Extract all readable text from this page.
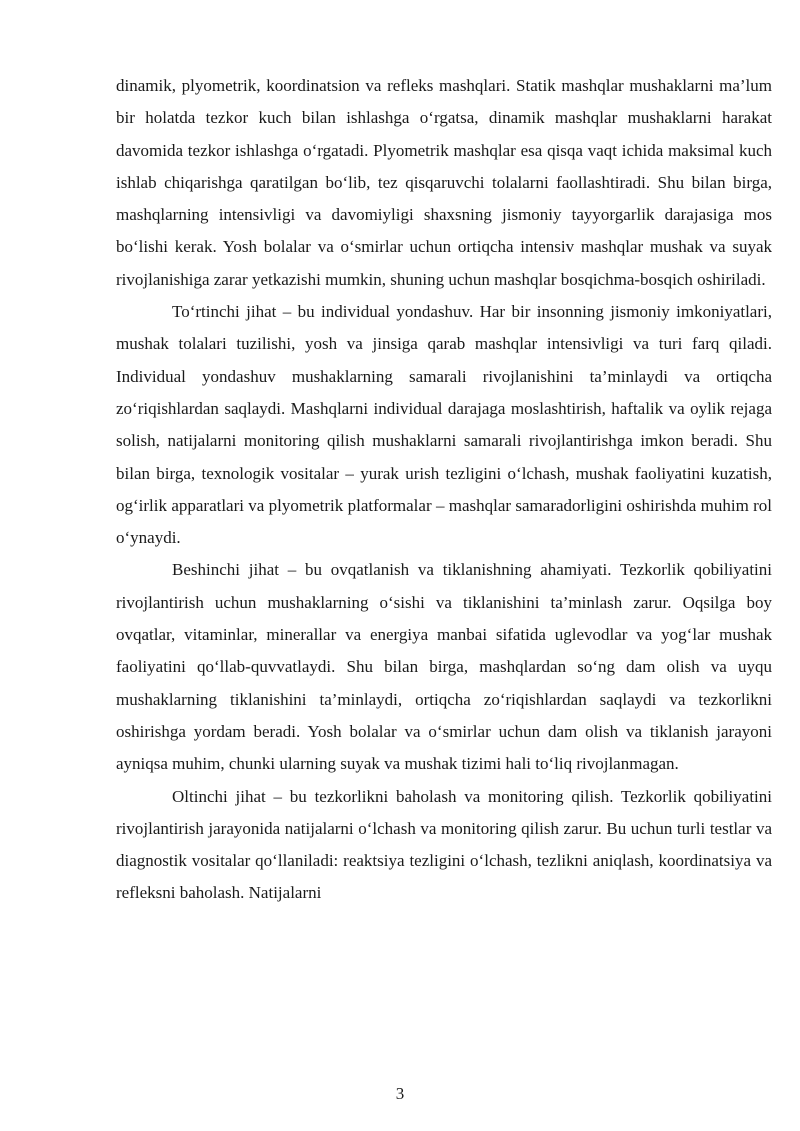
dinamik, plyometrik, koordinatsion va refleks mashqlari. Statik mashqlar mushaklarni ma’lum bir holatda tezkor kuch bilan ishlashga o‘rgatsa, dinamik mashqlar mushaklarni harakat davomida tezkor ishlashga o‘rgatadi. Plyometrik mashqlar esa qisqa vaqt ichida maksimal kuch ishlab chiqarishga qaratilgan bo‘lib, tez qisqaruvchi tolalarni faollashtiradi. Shu bilan birga, mashqlarning intensivligi va davomiyligi shaxsning jismoniy tayyorgarlik darajasiga mos bo‘lishi kerak. Yosh bolalar va o‘smirlar uchun ortiqcha intensiv mashqlar mushak va suyak rivojlanishiga zarar yetkazishi mumkin, shuning uchun mashqlar bosqichma-bosqich oshiriladi.

To‘rtinchi jihat – bu individual yondashuv. Har bir insonning jismoniy imkoniyatlari, mushak tolalari tuzilishi, yosh va jinsiga qarab mashqlar intensivligi va turi farq qiladi. Individual yondashuv mushaklarning samarali rivojlanishini ta’minlaydi va ortiqcha zo‘riqishlardan saqlaydi. Mashqlarni individual darajaga moslashtirish, haftalik va oylik rejaga solish, natijalarni monitoring qilish mushaklarni samarali rivojlantirishga imkon beradi. Shu bilan birga, texnologik vositalar – yurak urish tezligini o‘lchash, mushak faoliyatini kuzatish, og‘irlik apparatlari va plyometrik platformalar – mashqlar samaradorligini oshirishda muhim rol o‘ynaydi.

Beshinchi jihat – bu ovqatlanish va tiklanishning ahamiyati. Tezkorlik qobiliyatini rivojlantirish uchun mushaklarning o‘sishi va tiklanishini ta’minlash zarur. Oqsilga boy ovqatlar, vitaminlar, minerallar va energiya manbai sifatida uglevodlar va yog‘lar mushak faoliyatini qo‘llab-quvvatlaydi. Shu bilan birga, mashqlardan so‘ng dam olish va uyqu mushaklarning tiklanishini ta’minlaydi, ortiqcha zo‘riqishlardan saqlaydi va tezkorlikni oshirishga yordam beradi. Yosh bolalar va o‘smirlar uchun dam olish va tiklanish jarayoni ayniqsa muhim, chunki ularning suyak va mushak tizimi hali to‘liq rivojlanmagan.

Oltinchi jihat – bu tezkorlikni baholash va monitoring qilish. Tezkorlik qobiliyatini rivojlantirish jarayonida natijalarni o‘lchash va monitoring qilish zarur. Bu uchun turli testlar va diagnostik vositalar qo‘llaniladi: reaktsiya tezligini o‘lchash, tezlikni aniqlash, koordinatsiya va refleksni baholash. Natijalarni

3
